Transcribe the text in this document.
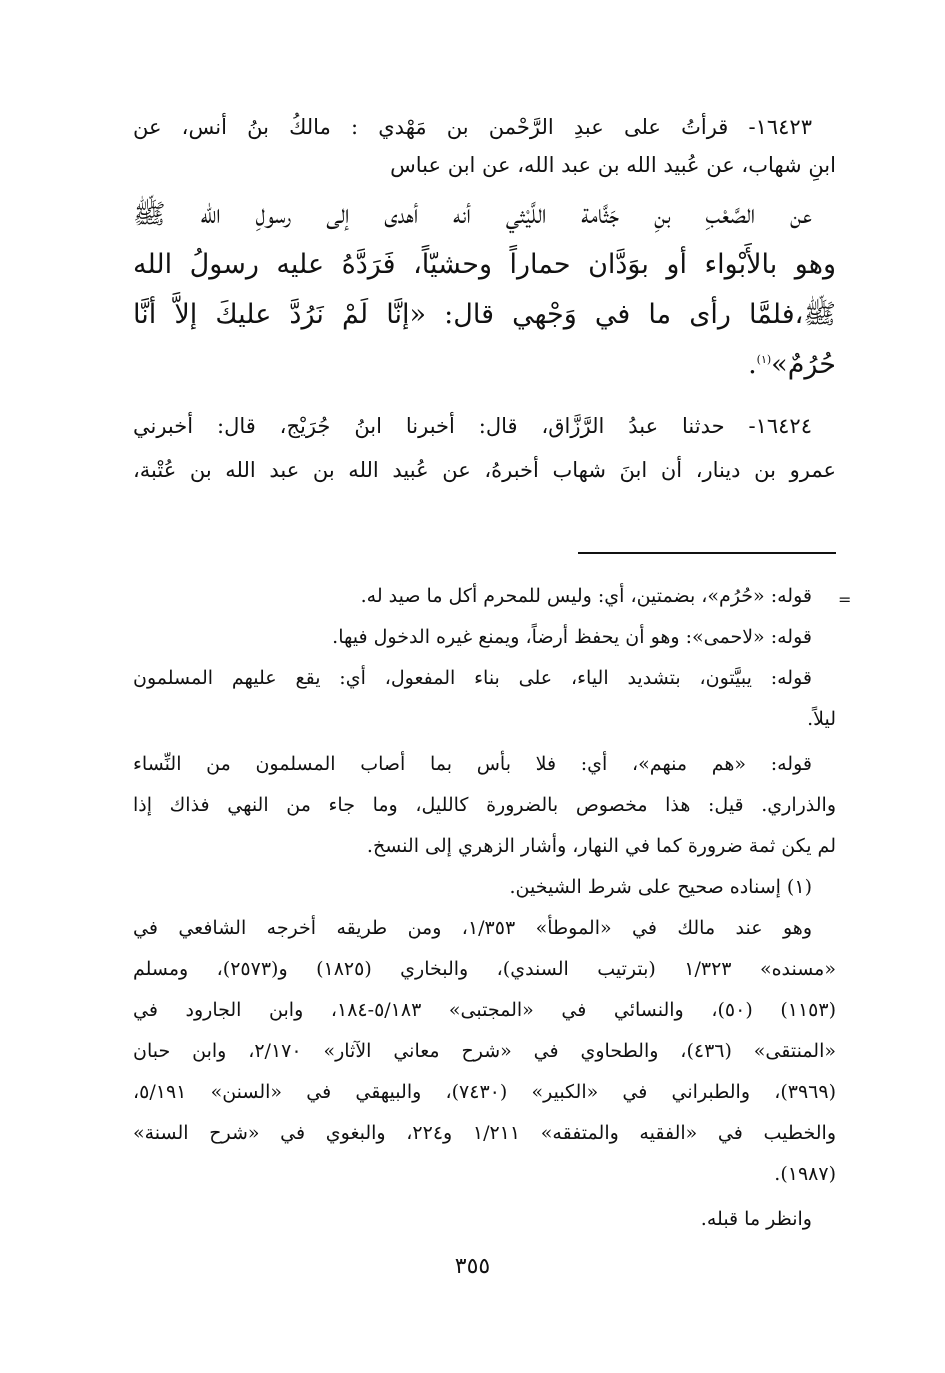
١٦٤٢٣- قرأتُ على عبدِ الرَّحْمن بن مَهْدي : مالكُ بنُ أنس، عن
ابنِ شهاب، عن عُبيد الله بن عبد الله، عن ابن عباس
عن الصَّعْبِ بنِ جَثَّامة اللَّيْثي أنه أهدى إلى رسولِ الله ﷺ
وهو بالأَبْواء أو بوَدَّان حماراً وحشيّاً، فَرَدَّهُ عليه رسولُ الله
ﷺ،فلمَّا رأى ما في وَجْهي قال: «إنَّا لَمْ نَرُدَّ عليكَ إلاَّ أنَّا
حُرُمٌ»$^{(١)}$.
١٦٤٢٤- حدثنا عبدُ الرَّزَّاق، قال: أخبرنا ابنُ جُرَيْج، قال: أخبرني
عمرو بن دينار، أن ابنَ شهاب أخبرهُ، عن عُبيد الله بن عبد الله بن عُتْبة،
=
قوله: «حُرُم»، بضمتين، أي: وليس للمحرم أكل ما صيد له.
قوله: «لاحمى»: وهو أن يحفظ أرضاً، ويمنع غيره الدخول فيها.
قوله: يبيَّتون، بتشديد الياء، على بناء المفعول، أي: يقع عليهم المسلمون
ليلاً.
قوله: «هم منهم»، أي: فلا بأس بما أصاب المسلمون من النِّساء
والذراري. قيل: هذا مخصوص بالضرورة كالليل، وما جاء من النهي فذاك إذا
لم يكن ثمة ضرورة كما في النهار، وأشار الزهري إلى النسخ.
(١) إسناده صحيح على شرط الشيخين.
وهو عند مالك في «الموطأ» ١/٣٥٣، ومن طريقه أخرجه الشافعي في
«مسنده» ١/٣٢٣ (بترتيب السندي)، والبخاري (١٨٢٥) و(٢٥٧٣)، ومسلم
(١١٥٣) (٥٠)، والنسائي في «المجتبى» ٥/١٨٣-١٨٤، وابن الجارود في
«المنتقى» (٤٣٦)، والطحاوي في «شرح معاني الآثار» ٢/١٧٠، وابن حبان
(٣٩٦٩)، والطبراني في «الكبير» (٧٤٣٠)، والبيهقي في «السنن» ٥/١٩١،
والخطيب في «الفقيه والمتفقه» ١/٢١١ و٢٢٤، والبغوي في «شرح السنة»
(١٩٨٧).
وانظر ما قبله.
٣٥٥
